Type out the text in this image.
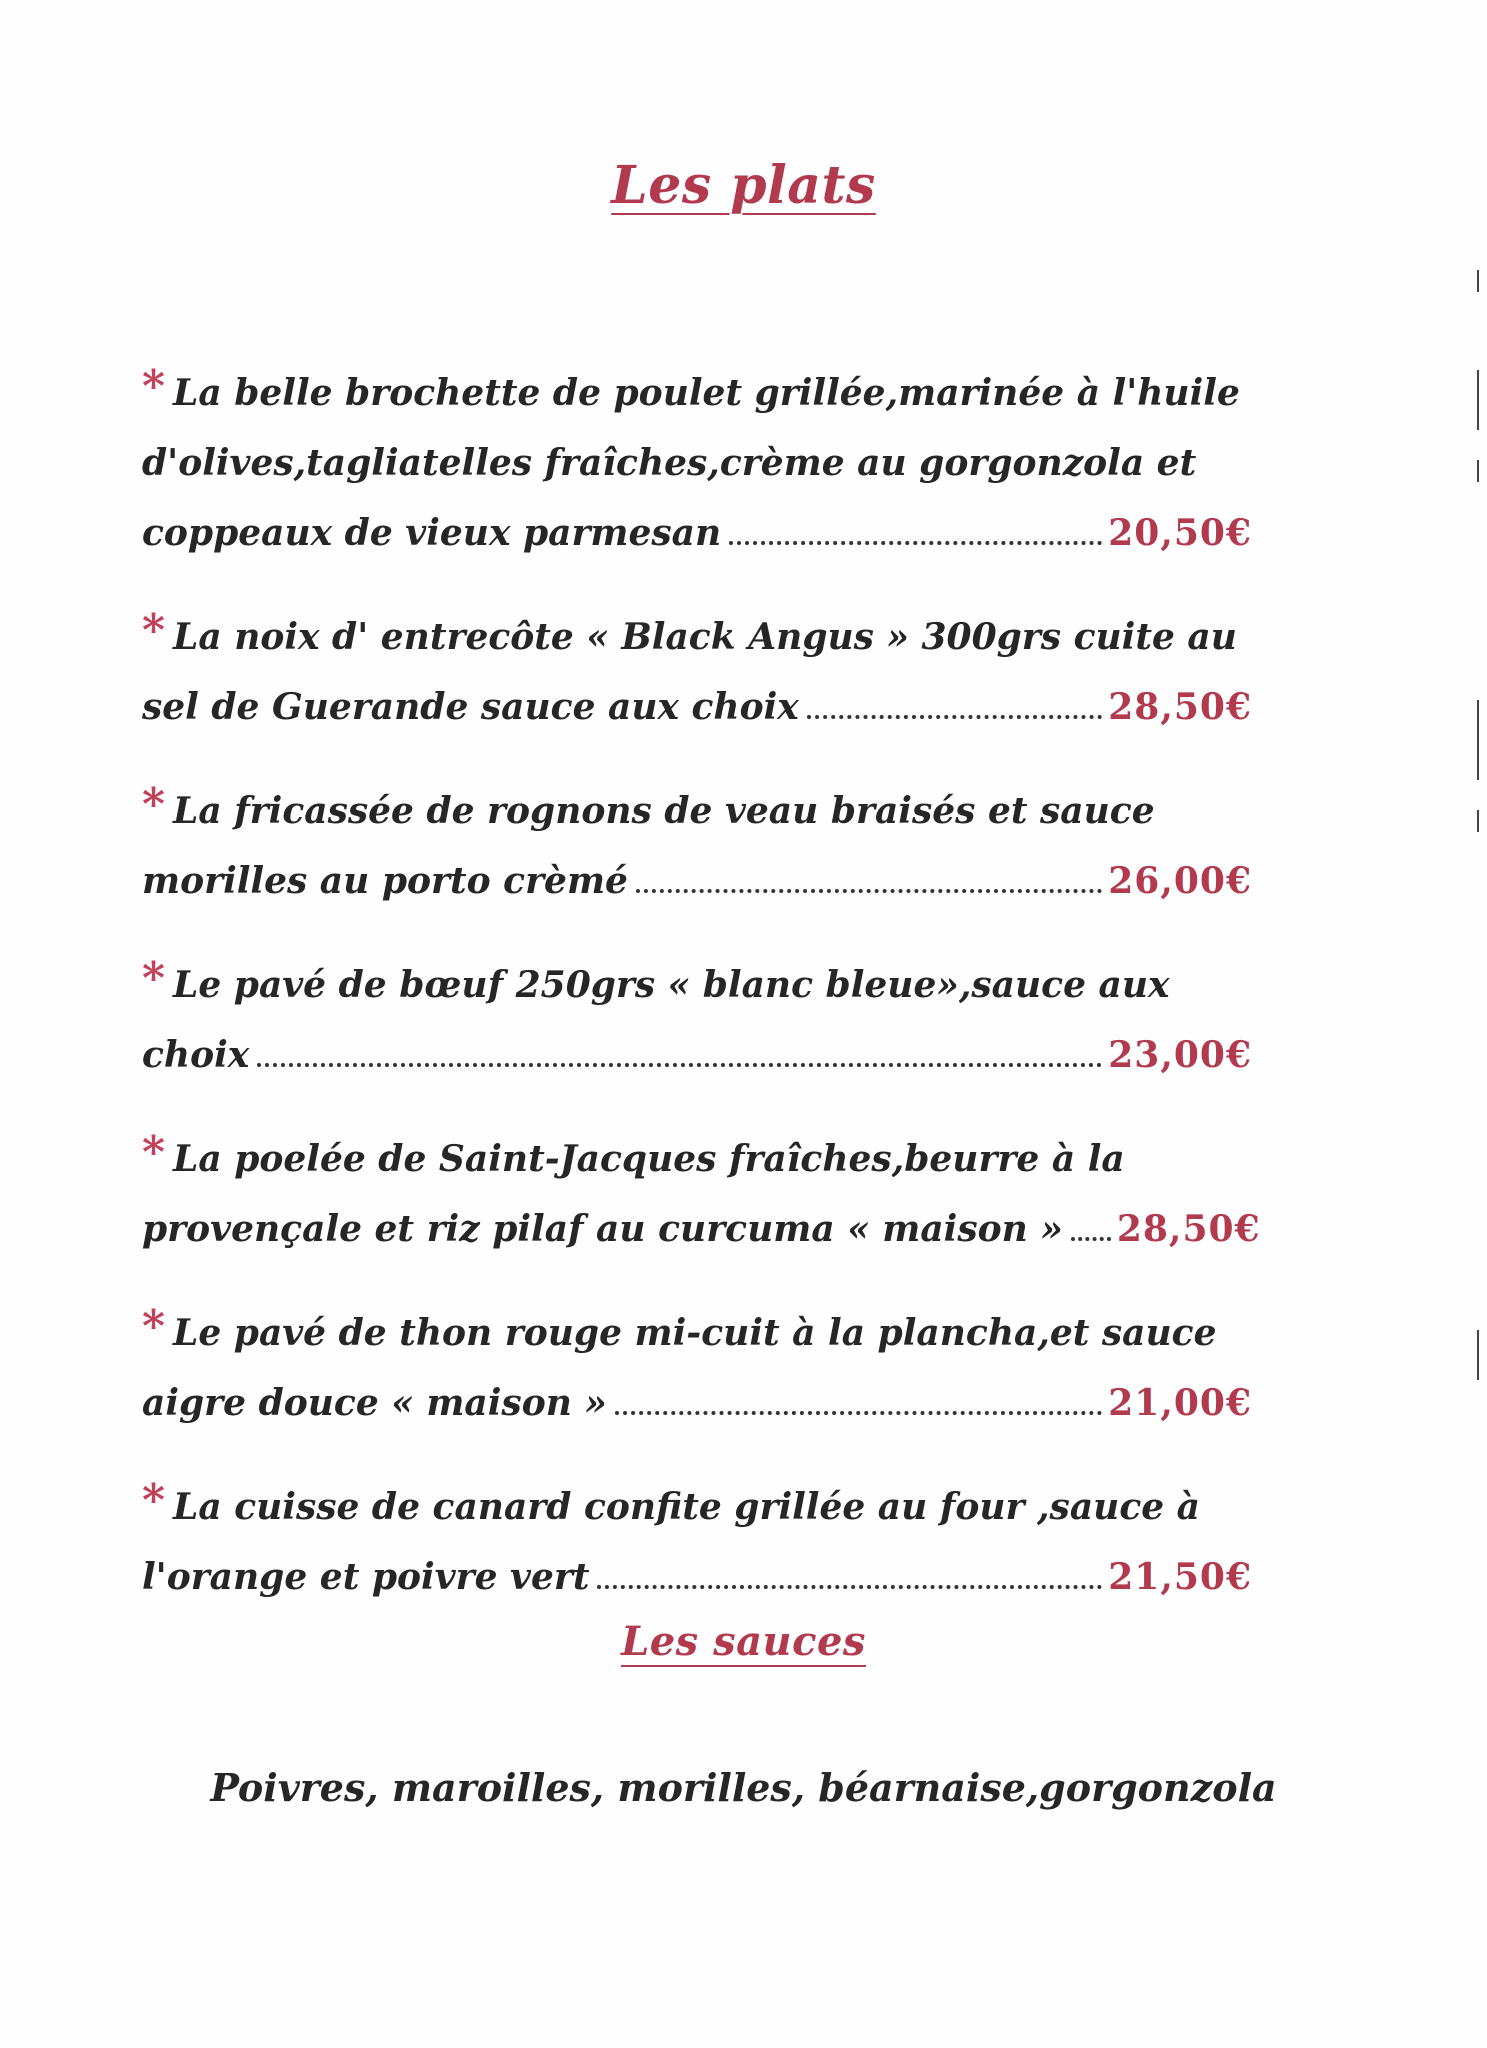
Les plats
* La belle brochette de poulet grillée,marinée à l'huile
d'olives,tagliatelles fraîches,crème au gorgonzola et
coppeaux de vieux parmesan	20,50€
* La noix d' entrecôte « Black Angus » 300grs cuite au
sel de Guerande sauce aux choix	28,50€
* La fricassée de rognons de veau braisés et sauce
morilles au porto crèmé	26,00€
* Le pavé de bœuf 250grs « blanc bleue»,sauce aux
choix	23,00€
* La poelée de Saint-Jacques fraîches,beurre à la
provençale et riz pilaf au curcuma « maison » 28,50€
* Le pavé de thon rouge mi-cuit à la plancha,et sauce
aigre douce « maison »	21,00€
* La cuisse de canard confite grillée au four ,sauce à
l'orange et poivre vert	21,50€
Les sauces
Poivres, maroilles, morilles, béarnaise,gorgonzola
